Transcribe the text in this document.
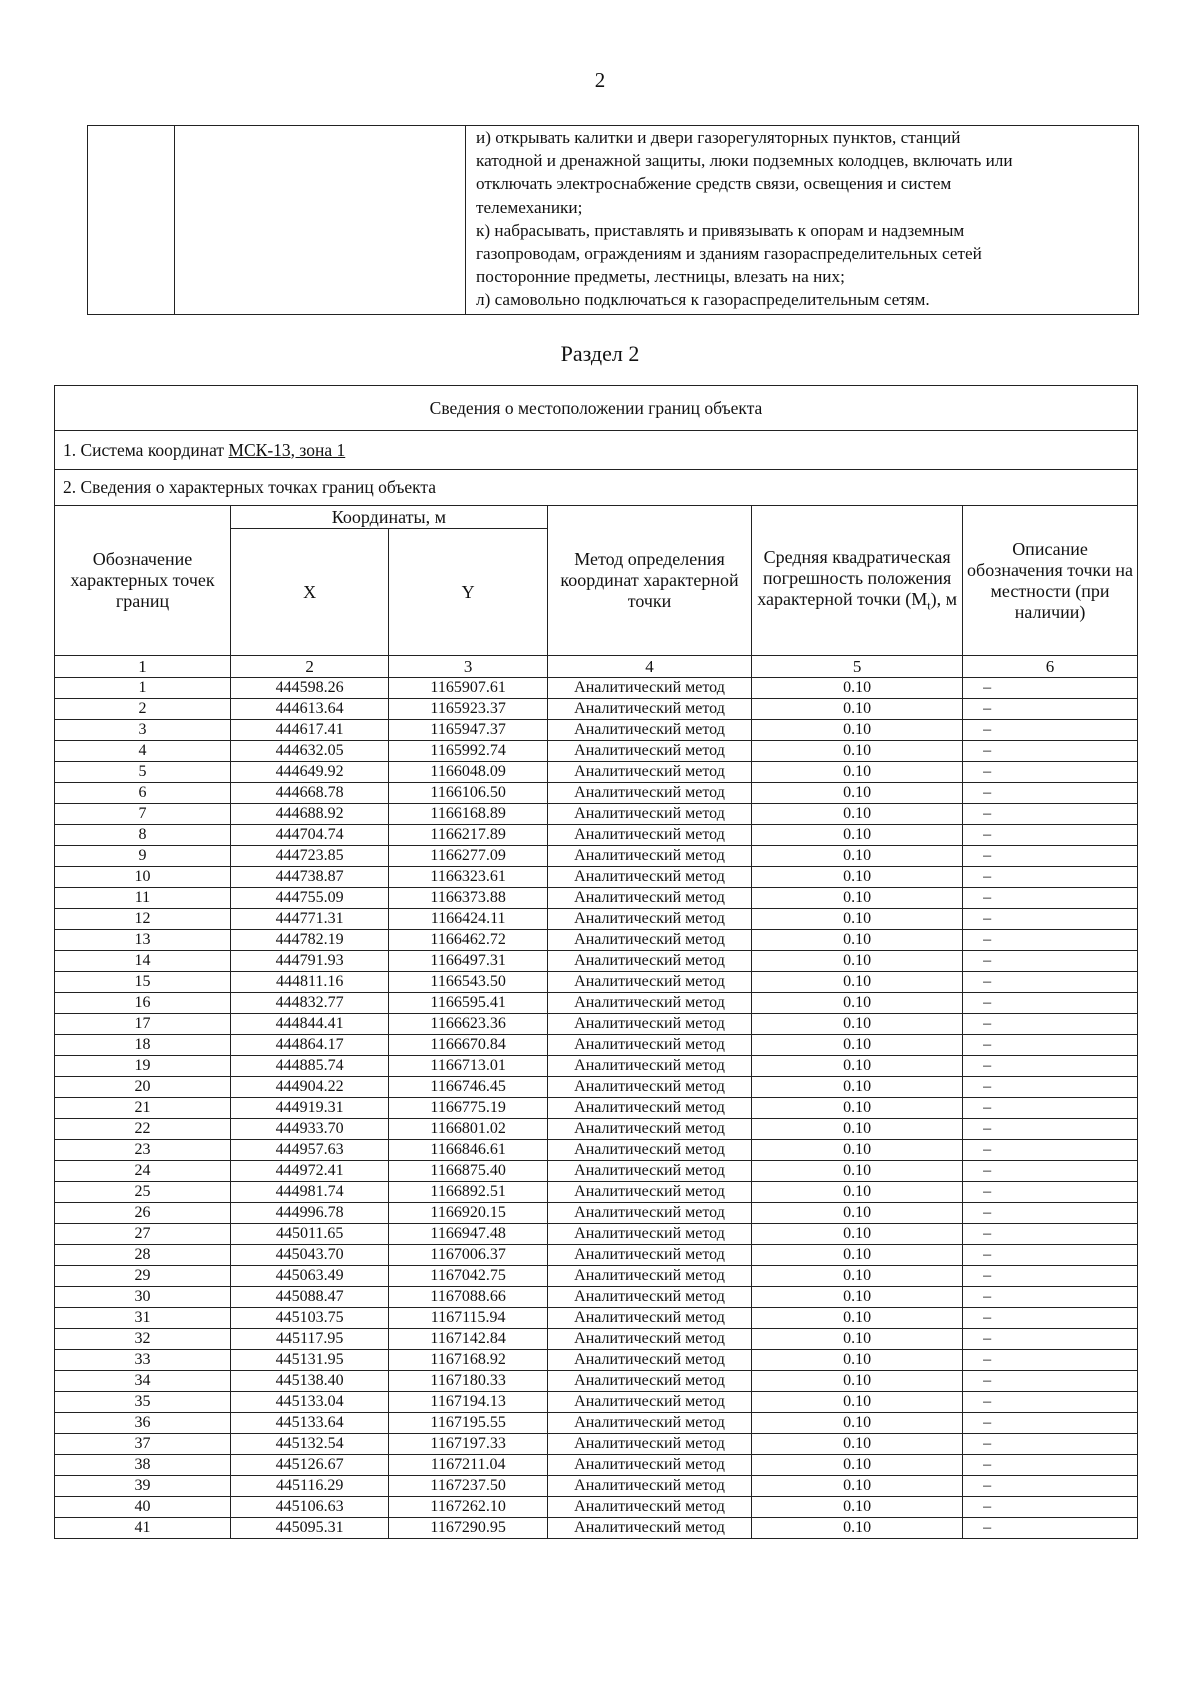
2

и) открывать калитки и двери газорегуляторных пунктов, станций
катодной и дренажной защиты, люки подземных колодцев, включать или
отключать электроснабжение средств связи, освещения и систем
телемеханики;
к) набрасывать, приставлять и привязывать к опорам и надземным
газопроводам, ограждениям и зданиям газораспределительных сетей
посторонние предметы, лестницы, влезать на них;
л) самовольно подключаться к газораспределительным сетям.
Раздел 2
Сведения о местоположении границ объекта					
1. Система координат МСК-13, зона 1					
2. Сведения о характерных точках границ объекта					
Обозначение характерных точек границ	Координаты, м		Метод определения координат характерной точки	Средняя квадратическая погрешность положения характерной точки $(M_t)$, м	Описание обозначения точки на местности (при наличии)
	X	Y			
1	2	3	4	5	6
1	444598.26	1165907.61	Аналитический метод	0.10	–
2	444613.64	1165923.37	Аналитический метод	0.10	–
3	444617.41	1165947.37	Аналитический метод	0.10	–
4	444632.05	1165992.74	Аналитический метод	0.10	–
5	444649.92	1166048.09	Аналитический метод	0.10	–
6	444668.78	1166106.50	Аналитический метод	0.10	–
7	444688.92	1166168.89	Аналитический метод	0.10	–
8	444704.74	1166217.89	Аналитический метод	0.10	–
9	444723.85	1166277.09	Аналитический метод	0.10	–
10	444738.87	1166323.61	Аналитический метод	0.10	–
11	444755.09	1166373.88	Аналитический метод	0.10	–
12	444771.31	1166424.11	Аналитический метод	0.10	–
13	444782.19	1166462.72	Аналитический метод	0.10	–
14	444791.93	1166497.31	Аналитический метод	0.10	–
15	444811.16	1166543.50	Аналитический метод	0.10	–
16	444832.77	1166595.41	Аналитический метод	0.10	–
17	444844.41	1166623.36	Аналитический метод	0.10	–
18	444864.17	1166670.84	Аналитический метод	0.10	–
19	444885.74	1166713.01	Аналитический метод	0.10	–
20	444904.22	1166746.45	Аналитический метод	0.10	–
21	444919.31	1166775.19	Аналитический метод	0.10	–
22	444933.70	1166801.02	Аналитический метод	0.10	–
23	444957.63	1166846.61	Аналитический метод	0.10	–
24	444972.41	1166875.40	Аналитический метод	0.10	–
25	444981.74	1166892.51	Аналитический метод	0.10	–
26	444996.78	1166920.15	Аналитический метод	0.10	–
27	445011.65	1166947.48	Аналитический метод	0.10	–
28	445043.70	1167006.37	Аналитический метод	0.10	–
29	445063.49	1167042.75	Аналитический метод	0.10	–
30	445088.47	1167088.66	Аналитический метод	0.10	–
31	445103.75	1167115.94	Аналитический метод	0.10	–
32	445117.95	1167142.84	Аналитический метод	0.10	–
33	445131.95	1167168.92	Аналитический метод	0.10	–
34	445138.40	1167180.33	Аналитический метод	0.10	–
35	445133.04	1167194.13	Аналитический метод	0.10	–
36	445133.64	1167195.55	Аналитический метод	0.10	–
37	445132.54	1167197.33	Аналитический метод	0.10	–
38	445126.67	1167211.04	Аналитический метод	0.10	–
39	445116.29	1167237.50	Аналитический метод	0.10	–
40	445106.63	1167262.10	Аналитический метод	0.10	–
41	445095.31	1167290.95	Аналитический метод	0.10	–
